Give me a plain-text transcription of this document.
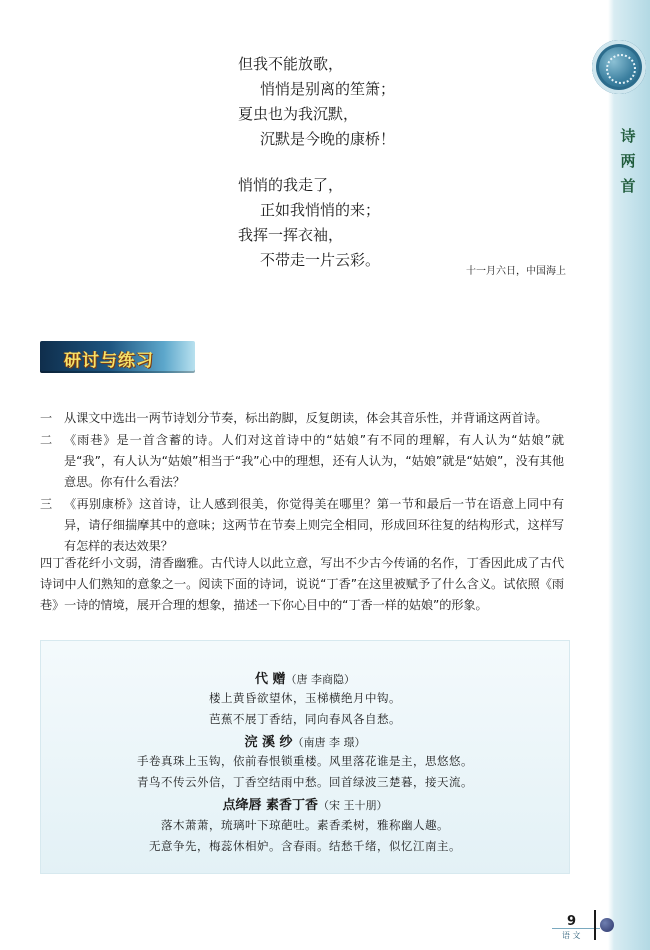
诗
两
首
但我不能放歌，
悄悄是别离的笙箫；
夏虫也为我沉默，
沉默是今晚的康桥！
悄悄的我走了，
正如我悄悄的来；
我挥一挥衣袖，
不带走一片云彩。
十一月六日，中国海上
研讨与练习
一 从课文中选出一两节诗划分节奏，标出韵脚，反复朗读，体会其音乐性，并背诵这两首诗。
二 《雨巷》是一首含蓄的诗。人们对这首诗中的“姑娘”有不同的理解，有人认为“姑娘”就是“我”，有人认为“姑娘”相当于“我”心中的理想，还有人认为，“姑娘”就是“姑娘”，没有其他意思。你有什么看法？
三 《再别康桥》这首诗，让人感到很美，你觉得美在哪里？第一节和最后一节在语意上同中有异，请仔细揣摩其中的意味；这两节在节奏上则完全相同，形成回环往复的结构形式，这样写有怎样的表达效果？
四丁香花纤小文弱，清香幽雅。古代诗人以此立意，写出不少古今传诵的名作，丁香因此成了古代诗词中人们熟知的意象之一。阅读下面的诗词，说说“丁香”在这里被赋予了什么含义。试依照《雨巷》一诗的情境，展开合理的想象，描述一下你心目中的“丁香一样的姑娘”的形象。
代 赠（唐 李商隐）
楼上黄昏欲望休，玉梯横绝月中钩。
芭蕉不展丁香结，同向春风各自愁。
浣 溪 纱（南唐 李 璟）
手卷真珠上玉钩，依前春恨锁重楼。风里落花谁是主，思悠悠。
青鸟不传云外信，丁香空结雨中愁。回首绿波三楚暮，接天流。
点绛唇 素香丁香（宋 王十朋）
落木萧萧，琉璃叶下琼葩吐。素香柔树，雅称幽人趣。
无意争先，梅蕊休相妒。含春雨。结愁千绪，似忆江南主。
9
语 文
